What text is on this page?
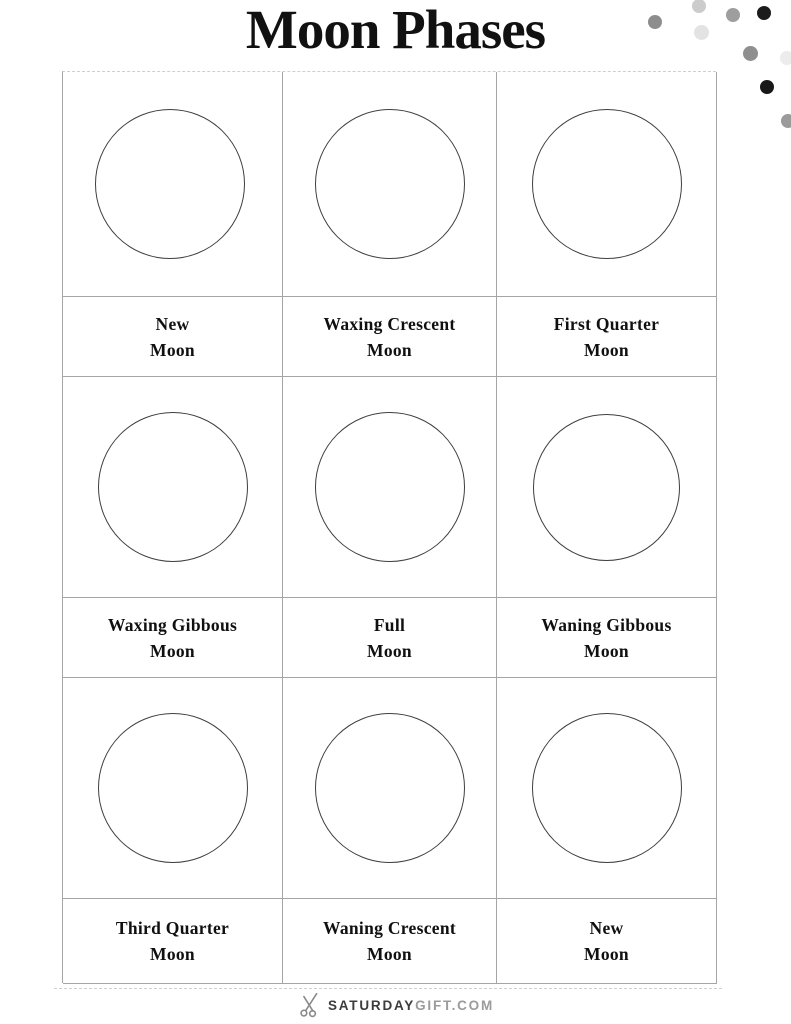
Moon Phases
New
Moon
Waxing Crescent
Moon
First Quarter
Moon
Waxing Gibbous
Moon
Full
Moon
Waning Gibbous
Moon
Third Quarter
Moon
Waning Crescent
Moon
New
Moon
SATURDAYGIFT.COM
